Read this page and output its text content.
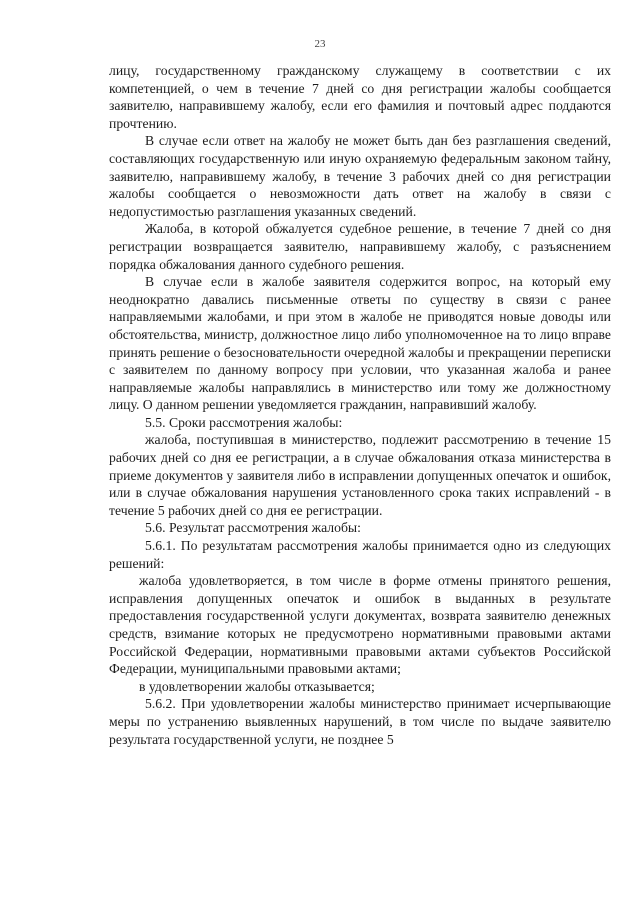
23

лицу, государственному гражданскому служащему в соответствии с их компетенцией, о чем в течение 7 дней со дня регистрации жалобы сообщается заявителю, направившему жалобу, если его фамилия и почтовый адрес поддаются прочтению.

В случае если ответ на жалобу не может быть дан без разглашения сведений, составляющих государственную или иную охраняемую федеральным законом тайну, заявителю, направившему жалобу, в течение 3 рабочих дней со дня регистрации жалобы сообщается о невозможности дать ответ на жалобу в связи с недопустимостью разглашения указанных сведений.

Жалоба, в которой обжалуется судебное решение, в течение 7 дней со дня регистрации возвращается заявителю, направившему жалобу, с разъяснением порядка обжалования данного судебного решения.

В случае если в жалобе заявителя содержится вопрос, на который ему неоднократно давались письменные ответы по существу в связи с ранее направляемыми жалобами, и при этом в жалобе не приводятся новые доводы или обстоятельства, министр, должностное лицо либо уполномоченное на то лицо вправе принять решение о безосновательности очередной жалобы и прекращении переписки с заявителем по данному вопросу при условии, что указанная жалоба и ранее направляемые жалобы направлялись в министерство или тому же должностному лицу. О данном решении уведомляется гражданин, направивший жалобу.

5.5. Сроки рассмотрения жалобы:

жалоба, поступившая в министерство, подлежит рассмотрению в течение 15 рабочих дней со дня ее регистрации, а в случае обжалования отказа министерства в приеме документов у заявителя либо в исправлении допущенных опечаток и ошибок, или в случае обжалования нарушения установленного срока таких исправлений - в течение 5 рабочих дней со дня ее регистрации.

5.6. Результат рассмотрения жалобы:

5.6.1. По результатам рассмотрения жалобы принимается одно из следующих решений:

жалоба удовлетворяется, в том числе в форме отмены принятого решения, исправления допущенных опечаток и ошибок в выданных в результате предоставления государственной услуги документах, возврата заявителю денежных средств, взимание которых не предусмотрено нормативными правовыми актами Российской Федерации, нормативными правовыми актами субъектов Российской Федерации, муниципальными правовыми актами;

в удовлетворении жалобы отказывается;

5.6.2. При удовлетворении жалобы министерство принимает исчерпывающие меры по устранению выявленных нарушений, в том числе по выдаче заявителю результата государственной услуги, не позднее 5
